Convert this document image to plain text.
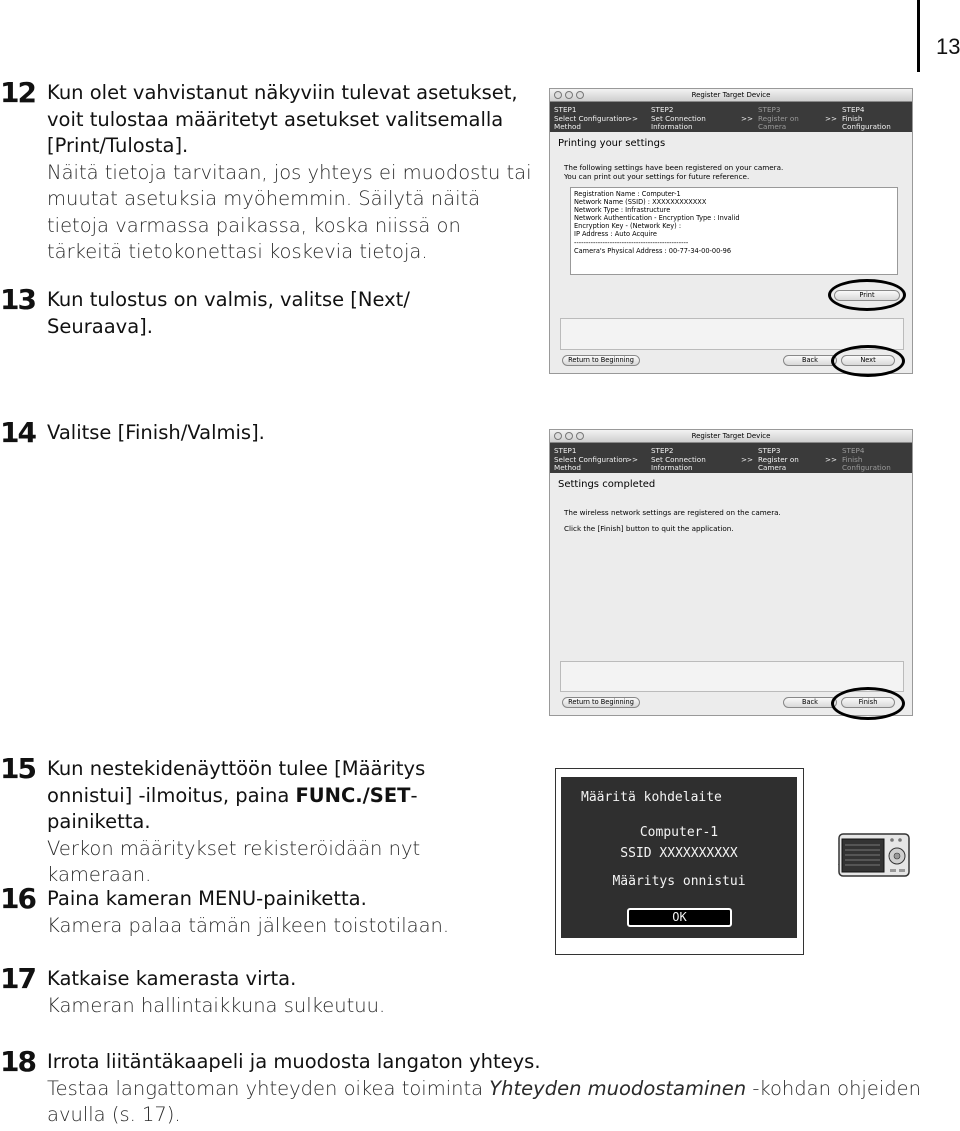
13
12 Kun olet vahvistanut näkyviin tulevat asetukset, voit tulostaa määritetyt asetukset valitsemalla [Print/Tulosta].
Näitä tietoja tarvitaan, jos yhteys ei muodostu tai muutat asetuksia myöhemmin. Säilytä näitä tietoja varmassa paikassa, koska niissä on tärkeitä tietokonettasi koskevia tietoja.
13 Kun tulostus on valmis, valitse [Next/ Seuraava].
14 Valitse [Finish/Valmis].
15 Kun nestekidenäyttöön tulee [Määritys onnistui] -ilmoitus, paina FUNC./SET-painiketta.
Verkon määritykset rekisteröidään nyt kameraan.
16 Paina kameran MENU-painiketta.
Kamera palaa tämän jälkeen toistotilaan.
17 Katkaise kamerasta virta.
Kameran hallintaikkuna sulkeutuu.
18 Irrota liitäntäkaapeli ja muodosta langaton yhteys.
Testaa langattoman yhteyden oikea toiminta Yhteyden muodostaminen -kohdan ohjeiden avulla (s. 17).
Register Target Device
STEP1
Select Configuration
Method
>>
STEP2
Set Connection
Information
>>
STEP3
Register on
Camera
>>
STEP4
Finish Configuration
Printing your settings
The following settings have been registered on your camera.
You can print out your settings for future reference.
Registration Name : Computer-1
Network Name (SSID) : XXXXXXXXXXXX
Network Type : Infrastructure
Network Authentication - Encryption Type : Invalid
Encryption Key - (Network Key) :
IP Address : Auto Acquire
------------------------------------------------
Camera's Physical Address : 00-77-34-00-00-96
Print
Return to Beginning	Back	Next
Register Target Device
STEP1
Select Configuration
Method
>>
STEP2
Set Connection
Information
>>
STEP3
Register on
Camera
>>
STEP4
Finish Configuration
Settings completed
The wireless network settings are registered on the camera.
Click the [Finish] button to quit the application.
Return to Beginning	Back	Finish
Määritä kohdelaite
Computer-1
SSID XXXXXXXXXX
Määritys onnistui
OK
